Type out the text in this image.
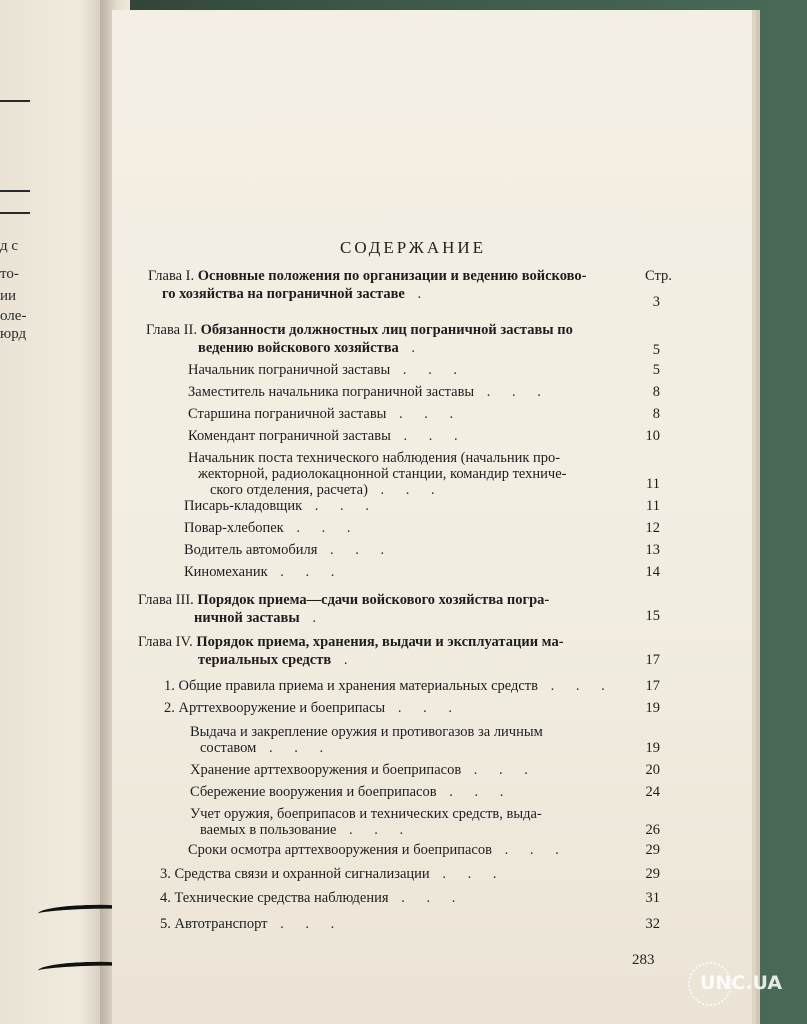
д с
то-
ии
оле-
юрд
СОДЕРЖАНИЕ
Стр.
Глава I. Основные положения по организации и ведению войсково-
го хозяйства на пограничной заставе .	3
Глава II. Обязанности должностных лиц пограничной заставы по
ведению войскового хозяйства .	5
Начальник пограничной заставы . . .	5
Заместитель начальника пограничной заставы . . .	8
Старшина пограничной заставы . . .	8
Комендант пограничной заставы . . .	10
Начальник поста технического наблюдения (начальник про-
жекторной, радиолокацнонной станции, командир техниче-
ского отделения, расчета) . . .	11
Писарь-кладовщик . . .	11
Повар-хлебопек . . .	12
Водитель автомобиля . . .	13
Киномеханик . . .	14
Глава III. Порядок приема—сдачи войскового хозяйства погра-
ничной заставы .	15
Глава IV. Порядок приема, хранения, выдачи и эксплуатации ма-
териальных средств .	17
1. Общие правила приема и хранения материальных средств . . .	17
2. Арттехвооружение и боеприпасы . . .	19
Выдача и закрепление оружия и противогазов за личным
составом . . .	19
Хранение арттехвооружения и боеприпасов . . .	20
Сбережение вооружения и боеприпасов . . .	24
Учет оружия, боеприпасов и технических средств, выда-
ваемых в пользование . . .	26
Сроки осмотра арттехвооружения и боеприпасов . . .	29
3. Средства связи и охранной сигнализации . . .	29
4. Технические средства наблюдения . . .	31
5. Автотранспорт . . .	32
283
UNC.UA
